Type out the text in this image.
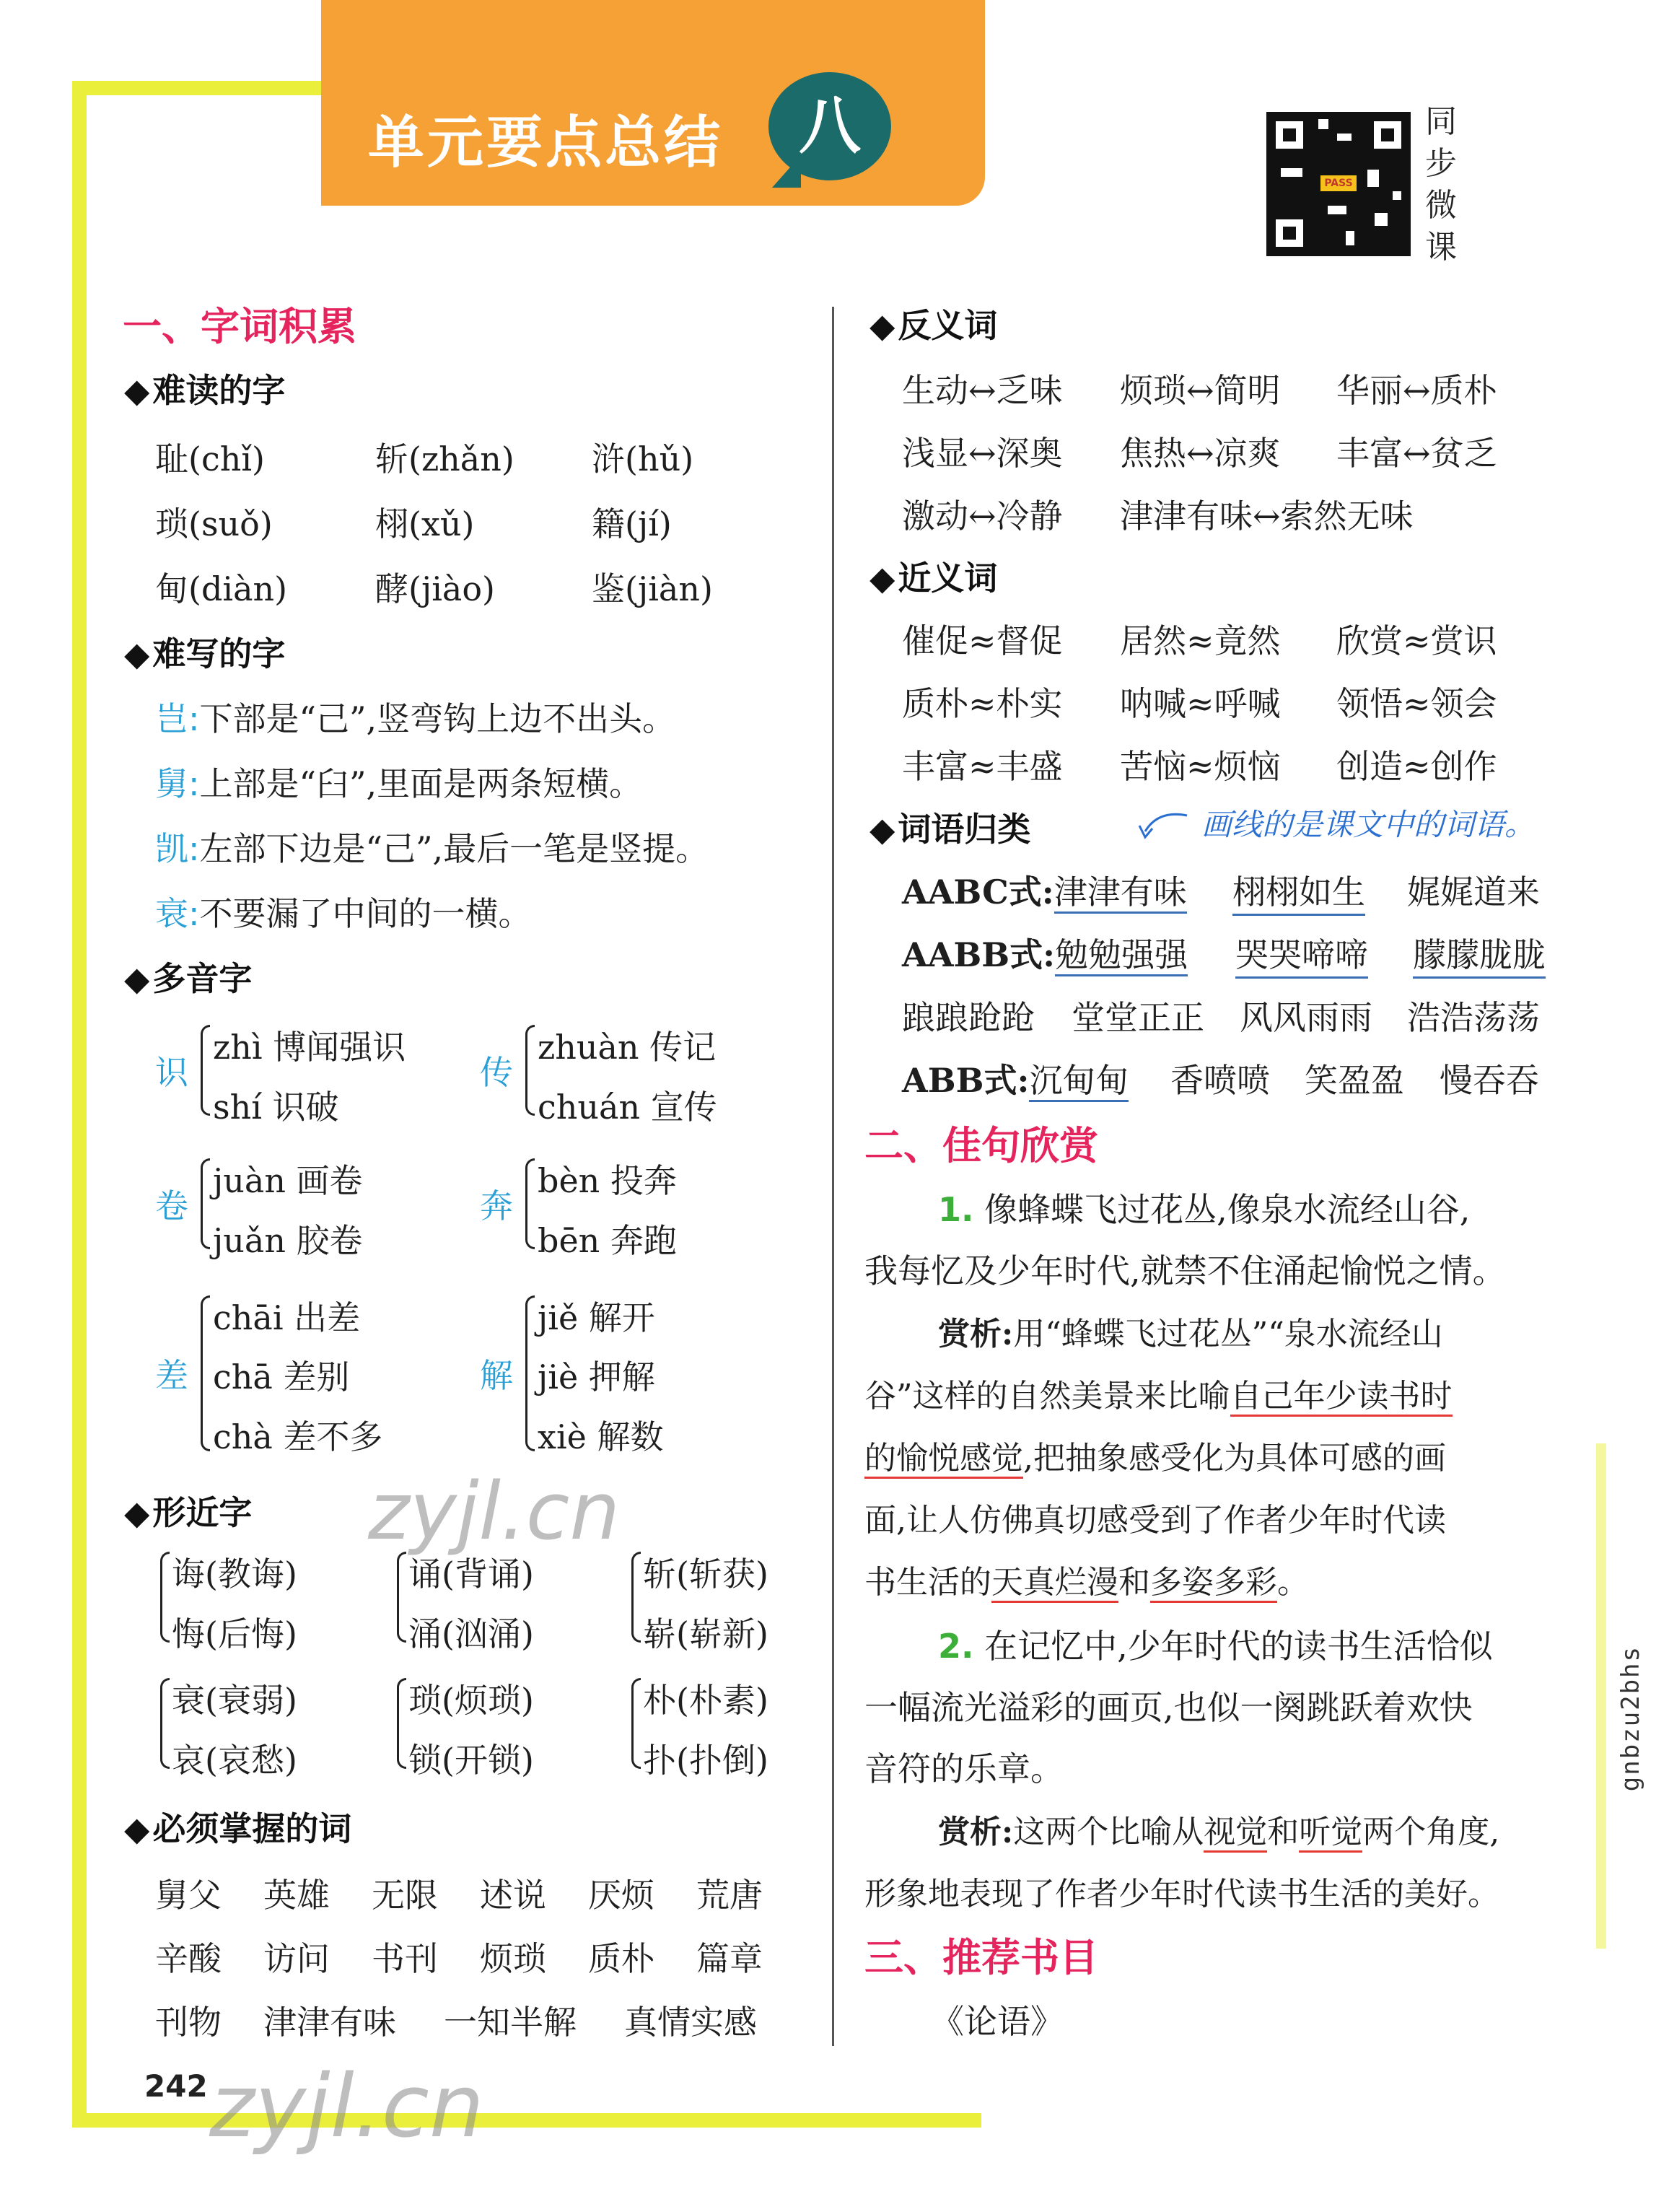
单元要点总结	八
PASS
同步微课
一、字词积累
◆ 难读的字
耻(chǐ)	斩(zhǎn) 浒(hǔ)
琐(suǒ)	栩(xǔ)	籍(jí)
甸(diàn)	酵(jiào)	鉴(jiàn)
◆ 难写的字
岂:下部是“己”,竖弯钩上边不出头。
舅:上部是“臼”,里面是两条短横。
凯:左部下边是“⼰”,最后一笔是竖提。
衰:不要漏了中间的一横。
◆ 多音字
识
zhì 博闻强识
shí 识破
传
zhuàn 传记
chuán 宣传
卷
juàn 画卷
juǎn 胶卷
奔
bèn 投奔
bēn 奔跑
差
chāi 出差
chā 差别
chà 差不多
解
jiě 解开
jiè 押解
xiè 解数
◆ 形近字
诲(教诲)
悔(后悔)
诵(背诵)
涌(汹涌)
斩(斩获)
崭(崭新)
衰(衰弱)
哀(哀愁)
琐(烦琐)
锁(开锁)
朴(朴素)
扑(扑倒)
◆ 必须掌握的词
舅父 英雄 无限 述说 厌烦 荒唐
辛酸 访问 书刊 烦琐 质朴 篇章
刊物 津津有味 一知半解 真情实感
242
zyjl.cn
zyjl.cn
◆ 反义词
生动↔乏味 烦琐↔简明 华丽↔质朴
浅显↔深奥 焦热↔凉爽 丰富↔贫乏
激动↔冷静 津津有味↔索然无味
◆ 近义词
催促≈督促 居然≈竟然 欣赏≈赏识
质朴≈朴实 呐喊≈呼喊 领悟≈领会
丰富≈丰盛 苦恼≈烦恼 创造≈创作
◆ 词语归类	画线的是课文中的词语。
AABC式:津津有味 栩栩如生 娓娓道来
AABB式:勉勉强强 哭哭啼啼 朦朦胧胧
踉踉跄跄 堂堂正正 风风雨雨 浩浩荡荡
ABB式:沉甸甸 香喷喷 笑盈盈 慢吞吞
二、佳句欣赏
1. 像蜂蝶飞过花丛,像泉水流经山谷,
我每忆及少年时代,就禁不住涌起愉悦之情。
赏析:用“蜂蝶飞过花丛”“泉水流经山
谷”这样的自然美景来比喻自己年少读书时
的愉悦感觉,把抽象感受化为具体可感的画
面,让人仿佛真切感受到了作者少年时代读
书生活的天真烂漫和多姿多彩。
2. 在记忆中,少年时代的读书生活恰似
一幅流光溢彩的画页,也似一阕跳跃着欢快
音符的乐章。
赏析:这两个比喻从视觉和听觉两个角度,
形象地表现了作者少年时代读书生活的美好。
三、推荐书目
《论语》
gnbzu2bhs
